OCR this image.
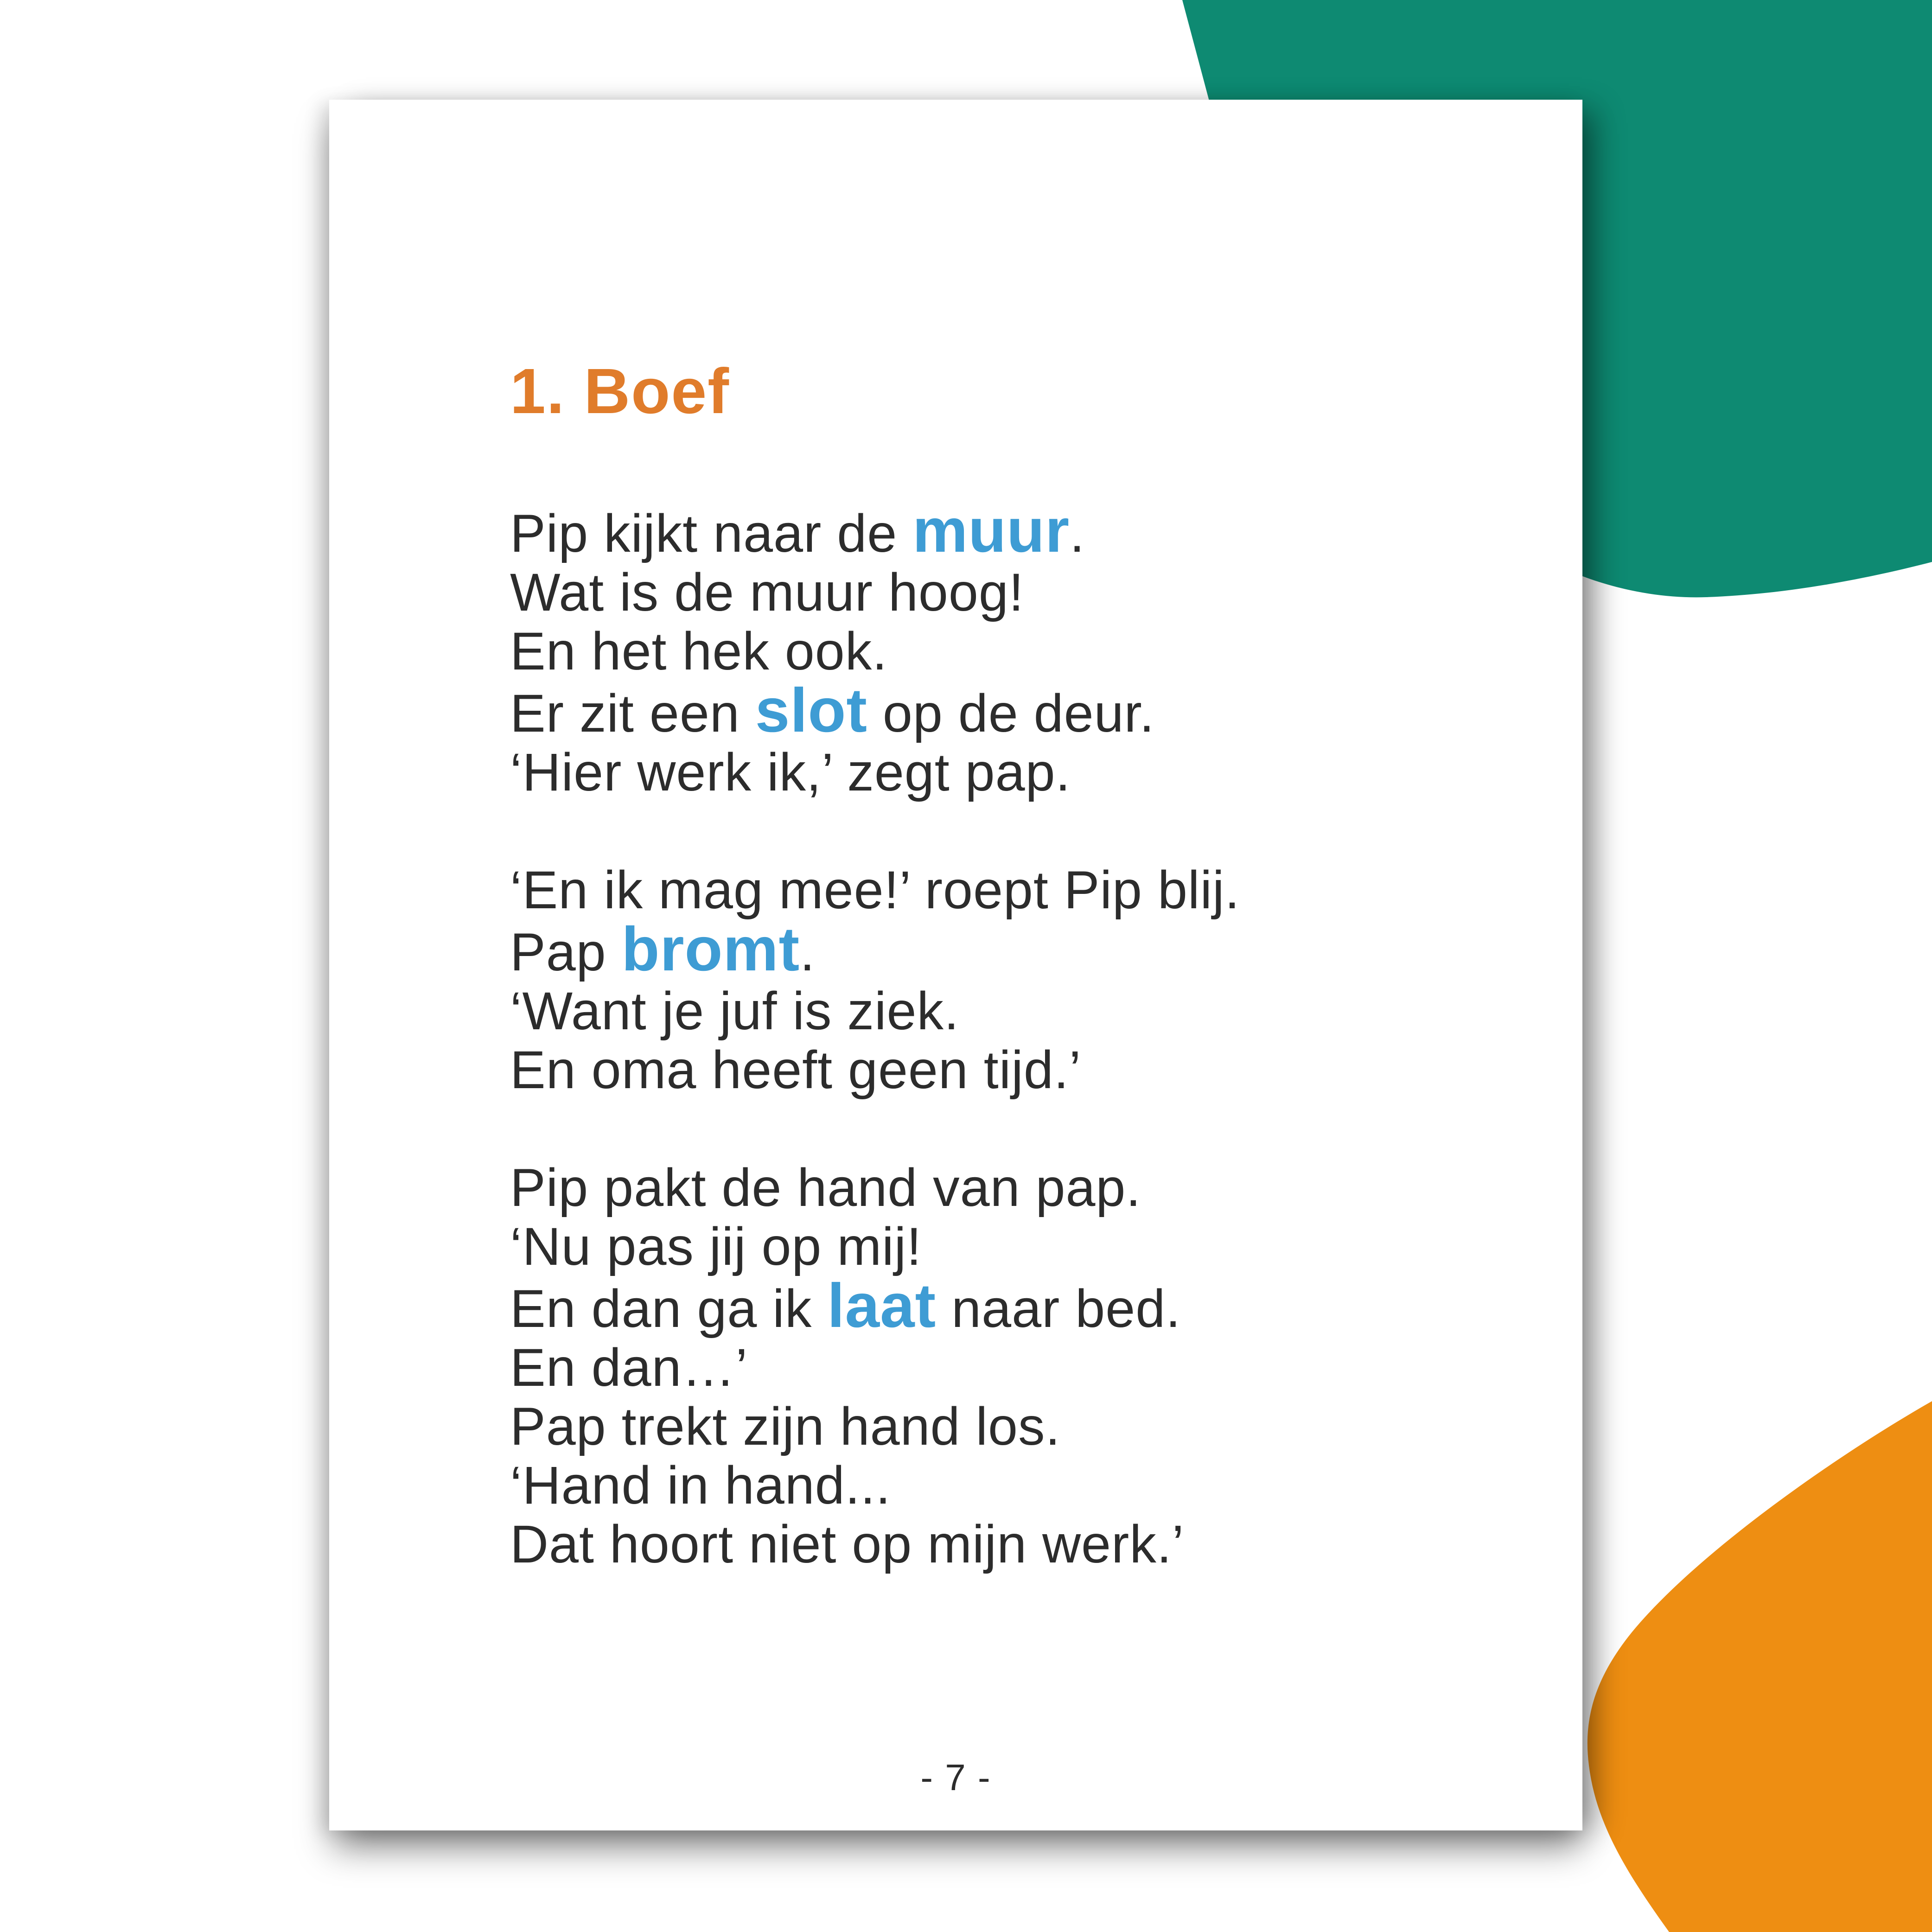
1. Boef
Pip kijkt naar de muur.
Wat is de muur hoog!
En het hek ook.
Er zit een slot op de deur.
‘Hier werk ik,’ zegt pap.
‘En ik mag mee!’ roept Pip blij.
Pap bromt.
‘Want je juf is ziek.
En oma heeft geen tijd.’
Pip pakt de hand van pap.
‘Nu pas jij op mij!
En dan ga ik laat naar bed.
En dan…’
Pap trekt zijn hand los.
‘Hand in hand...
Dat hoort niet op mijn werk.’
- 7 -
